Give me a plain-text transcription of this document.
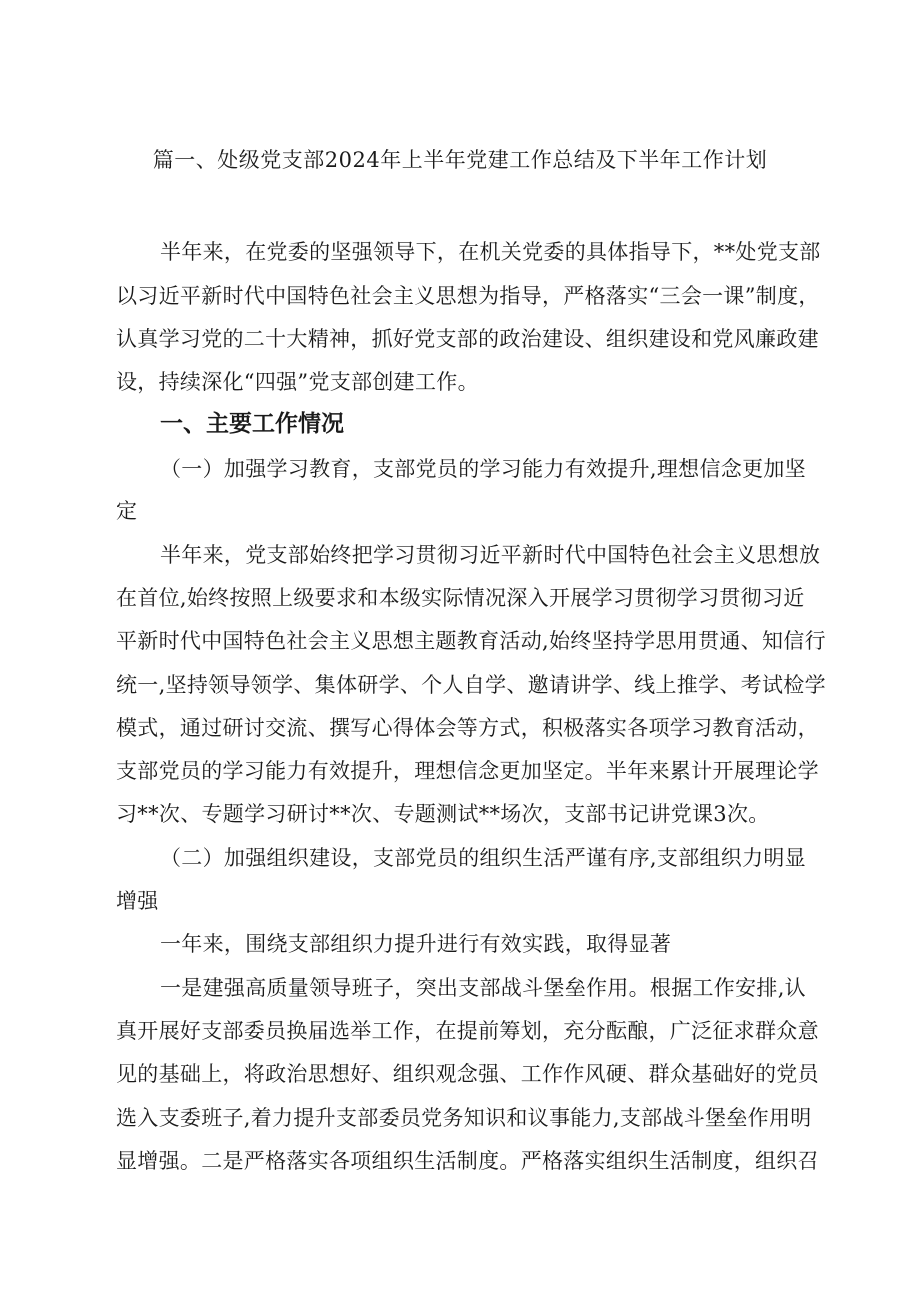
篇一、处级党支部2024年上半年党建工作总结及下半年工作计划
半年来，在党委的坚强领导下，在机关党委的具体指导下，**处党支部
以习近平新时代中国特色社会主义思想为指导，严格落实“三会一课”制度，
认真学习党的二十大精神，抓好党支部的政治建设、组织建设和党风廉政建
设，持续深化“四强”党支部创建工作。
一、主要工作情况
（一）加强学习教育，支部党员的学习能力有效提升,理想信念更加坚
定
半年来，党支部始终把学习贯彻习近平新时代中国特色社会主义思想放
在首位,始终按照上级要求和本级实际情况深入开展学习贯彻学习贯彻习近
平新时代中国特色社会主义思想主题教育活动,始终坚持学思用贯通、知信行
统一,坚持领导领学、集体研学、个人自学、邀请讲学、线上推学、考试检学
模式，通过研讨交流、撰写心得体会等方式，积极落实各项学习教育活动，
支部党员的学习能力有效提升，理想信念更加坚定。半年来累计开展理论学
习**次、专题学习研讨**次、专题测试**场次，支部书记讲党课3次。
（二）加强组织建设，支部党员的组织生活严谨有序,支部组织力明显
增强
一年来，围绕支部组织力提升进行有效实践，取得显著
一是建强高质量领导班子，突出支部战斗堡垒作用。根据工作安排,认
真开展好支部委员换届选举工作，在提前筹划，充分酝酿，广泛征求群众意
见的基础上，将政治思想好、组织观念强、工作作风硬、群众基础好的党员
选入支委班子,着力提升支部委员党务知识和议事能力,支部战斗堡垒作用明
显增强。二是严格落实各项组织生活制度。严格落实组织生活制度，组织召
